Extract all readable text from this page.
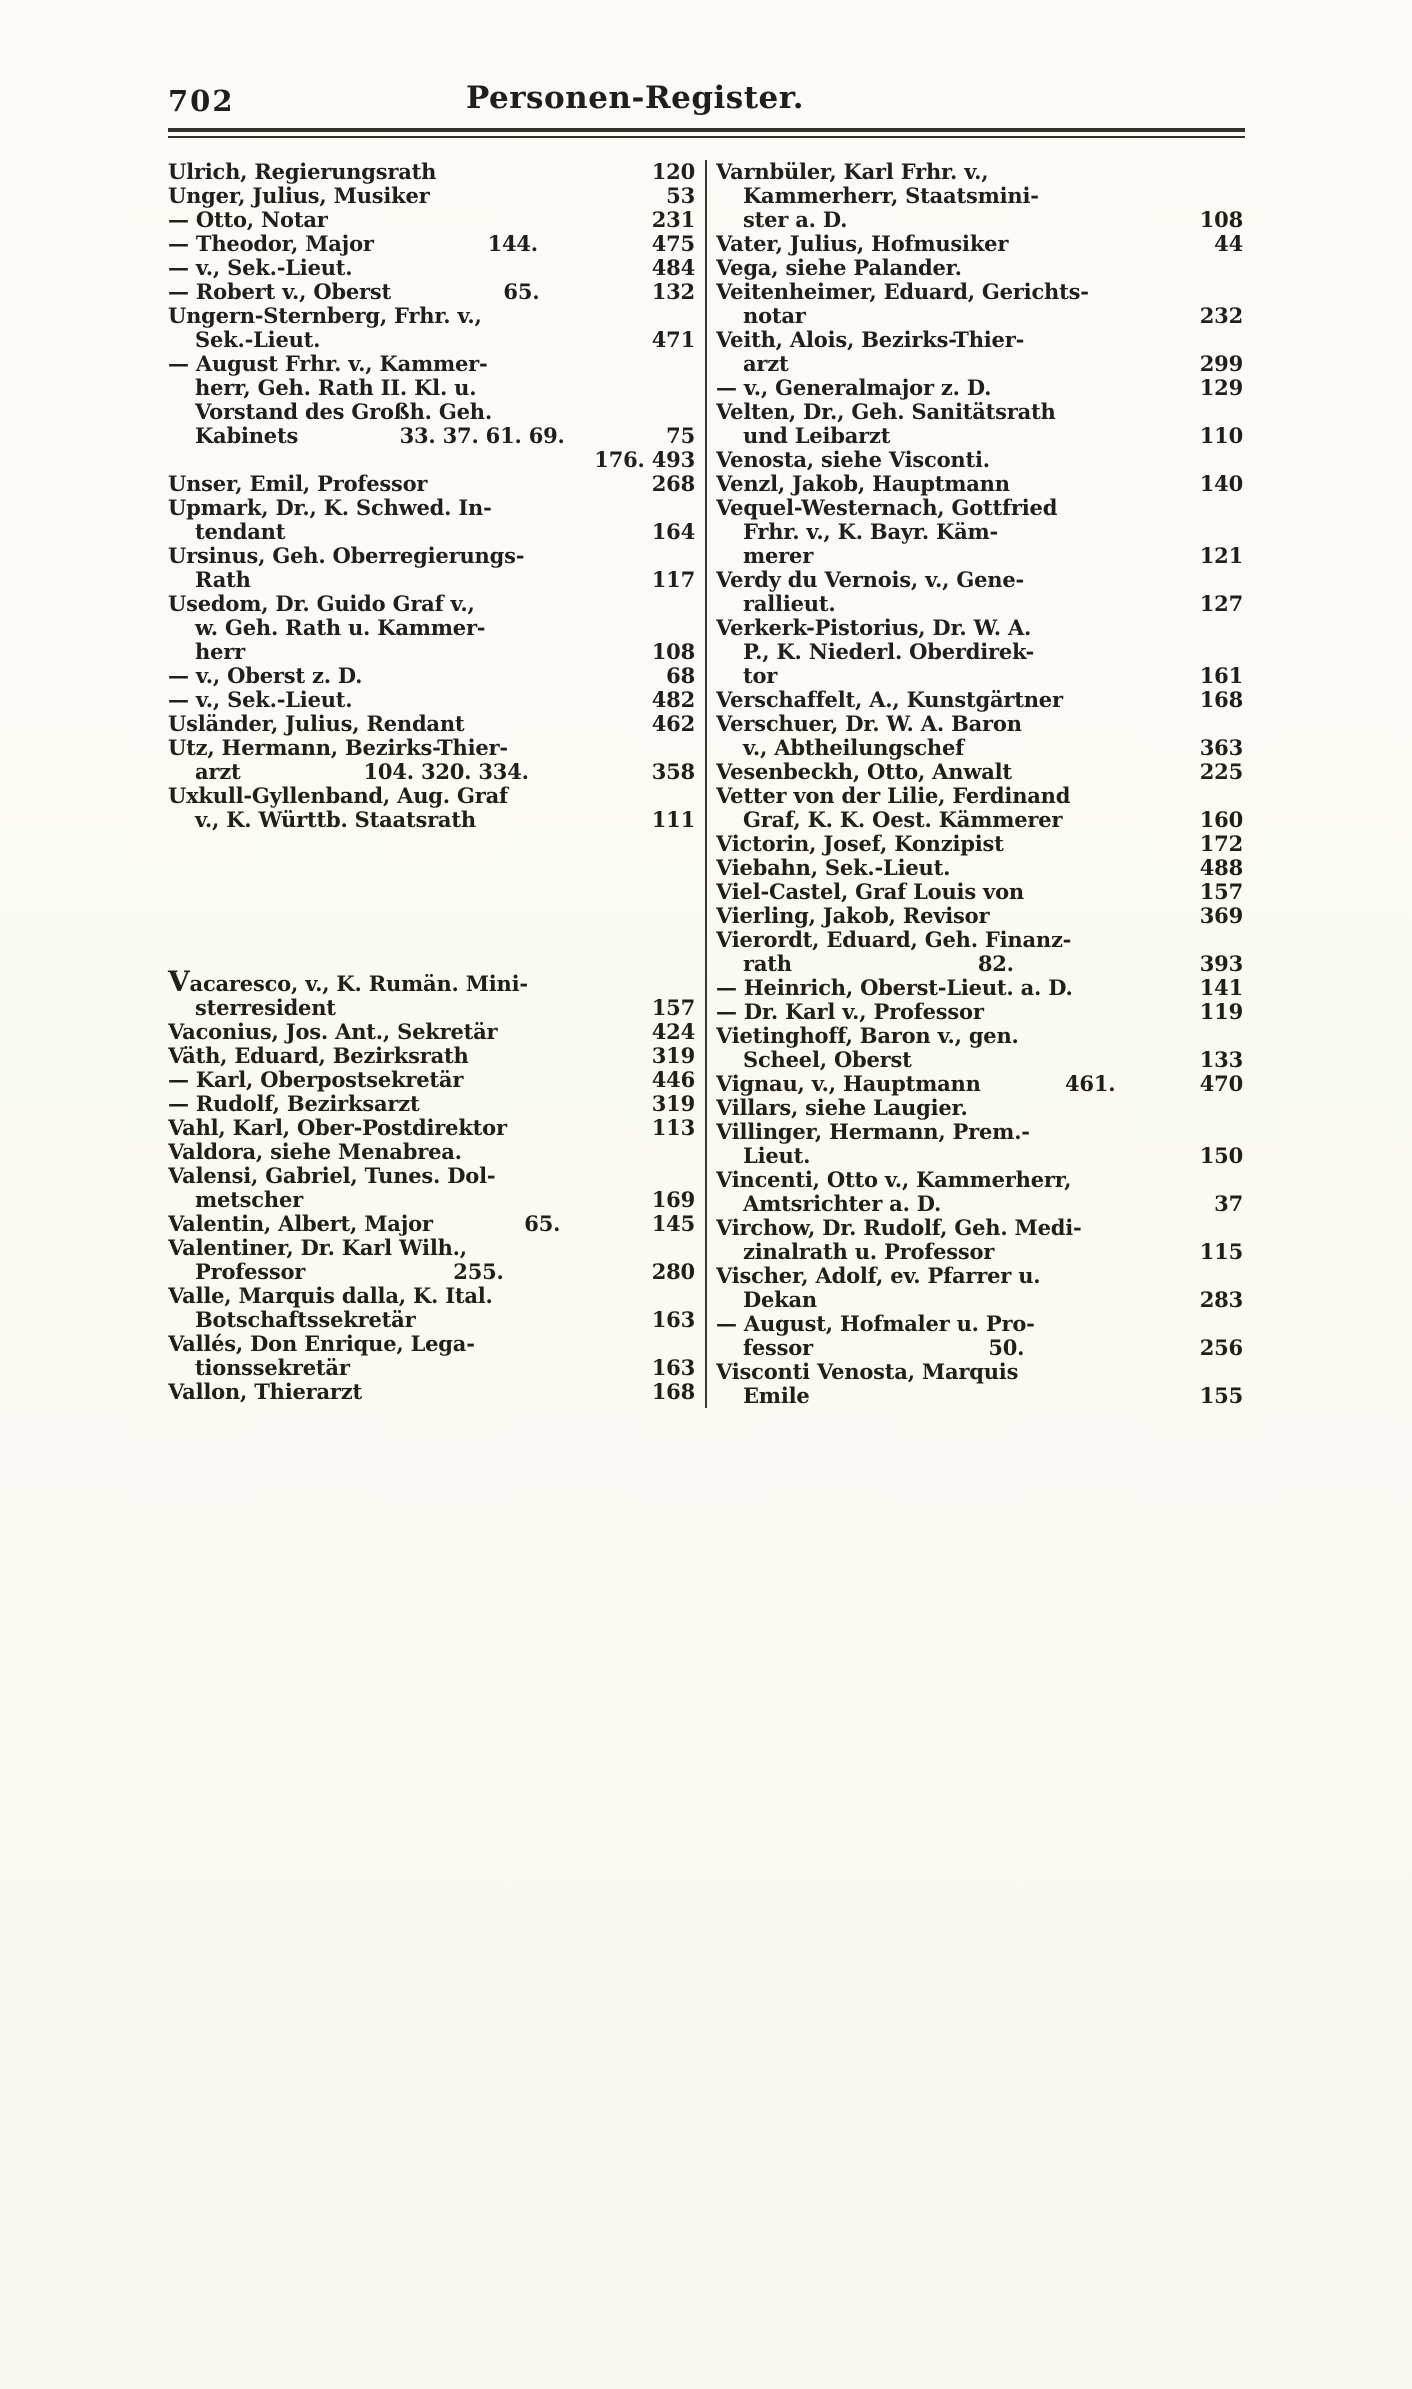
702	Personen-Register.
Ulrich, Regierungsrath	120
Unger, Julius, Musiker	53
— Otto, Notar	231
— Theodor, Major	144.	475
— v., Sek.-Lieut.	484
— Robert v., Oberst	65.	132
Ungern-Sternberg, Frhr. v.,
Sek.-Lieut.	471
— August Frhr. v., Kammer-
herr, Geh. Rath II. Kl. u.
Vorstand des Großh. Geh.
Kabinets	33. 37. 61. 69.	75
176. 493
Unser, Emil, Professor	268
Upmark, Dr., K. Schwed. In-
tendant	164
Ursinus, Geh. Oberregierungs-
Rath	117
Usedom, Dr. Guido Graf v.,
w. Geh. Rath u. Kammer-
herr	108
— v., Oberst z. D.	68
— v., Sek.-Lieut.	482
Usländer, Julius, Rendant	462
Utz, Hermann, Bezirks-Thier-
arzt	104. 320. 334.	358
Uxkull-Gyllenband, Aug. Graf
v., K. Württb. Staatsrath	111
Vacaresco, v., K. Rumän. Mini-
sterresident	157
Vaconius, Jos. Ant., Sekretär	424
Väth, Eduard, Bezirksrath	319
— Karl, Oberpostsekretär	446
— Rudolf, Bezirksarzt	319
Vahl, Karl, Ober-Postdirektor	113
Valdora, siehe Menabrea.
Valensi, Gabriel, Tunes. Dol-
metscher	169
Valentin, Albert, Major	65.	145
Valentiner, Dr. Karl Wilh.,
Professor	255.	280
Valle, Marquis dalla, K. Ital.
Botschaftssekretär	163
Vallés, Don Enrique, Lega-
tionssekretär	163
Vallon, Thierarzt	168
Varnbüler, Karl Frhr. v.,
Kammerherr, Staatsmini-
ster a. D.	108
Vater, Julius, Hofmusiker	44
Vega, siehe Palander.
Veitenheimer, Eduard, Gerichts-
notar	232
Veith, Alois, Bezirks-Thier-
arzt	299
— v., Generalmajor z. D.	129
Velten, Dr., Geh. Sanitätsrath
und Leibarzt	110
Venosta, siehe Visconti.
Venzl, Jakob, Hauptmann	140
Vequel-Westernach, Gottfried
Frhr. v., K. Bayr. Käm-
merer	121
Verdy du Vernois, v., Gene-
rallieut.	127
Verkerk-Pistorius, Dr. W. A.
P., K. Niederl. Oberdirek-
tor	161
Verschaffelt, A., Kunstgärtner	168
Verschuer, Dr. W. A. Baron
v., Abtheilungschef	363
Vesenbeckh, Otto, Anwalt	225
Vetter von der Lilie, Ferdinand
Graf, K. K. Oest. Kämmerer	160
Victorin, Josef, Konzipist	172
Viebahn, Sek.-Lieut.	488
Viel-Castel, Graf Louis von	157
Vierling, Jakob, Revisor	369
Vierordt, Eduard, Geh. Finanz-
rath	82.	393
— Heinrich, Oberst-Lieut. a. D.	141
— Dr. Karl v., Professor	119
Vietinghoff, Baron v., gen.
Scheel, Oberst	133
Vignau, v., Hauptmann	461.	470
Villars, siehe Laugier.
Villinger, Hermann, Prem.-
Lieut.	150
Vincenti, Otto v., Kammerherr,
Amtsrichter a. D.	37
Virchow, Dr. Rudolf, Geh. Medi-
zinalrath u. Professor	115
Vischer, Adolf, ev. Pfarrer u.
Dekan	283
— August, Hofmaler u. Pro-
fessor	50.	256
Visconti Venosta, Marquis
Emile	155
